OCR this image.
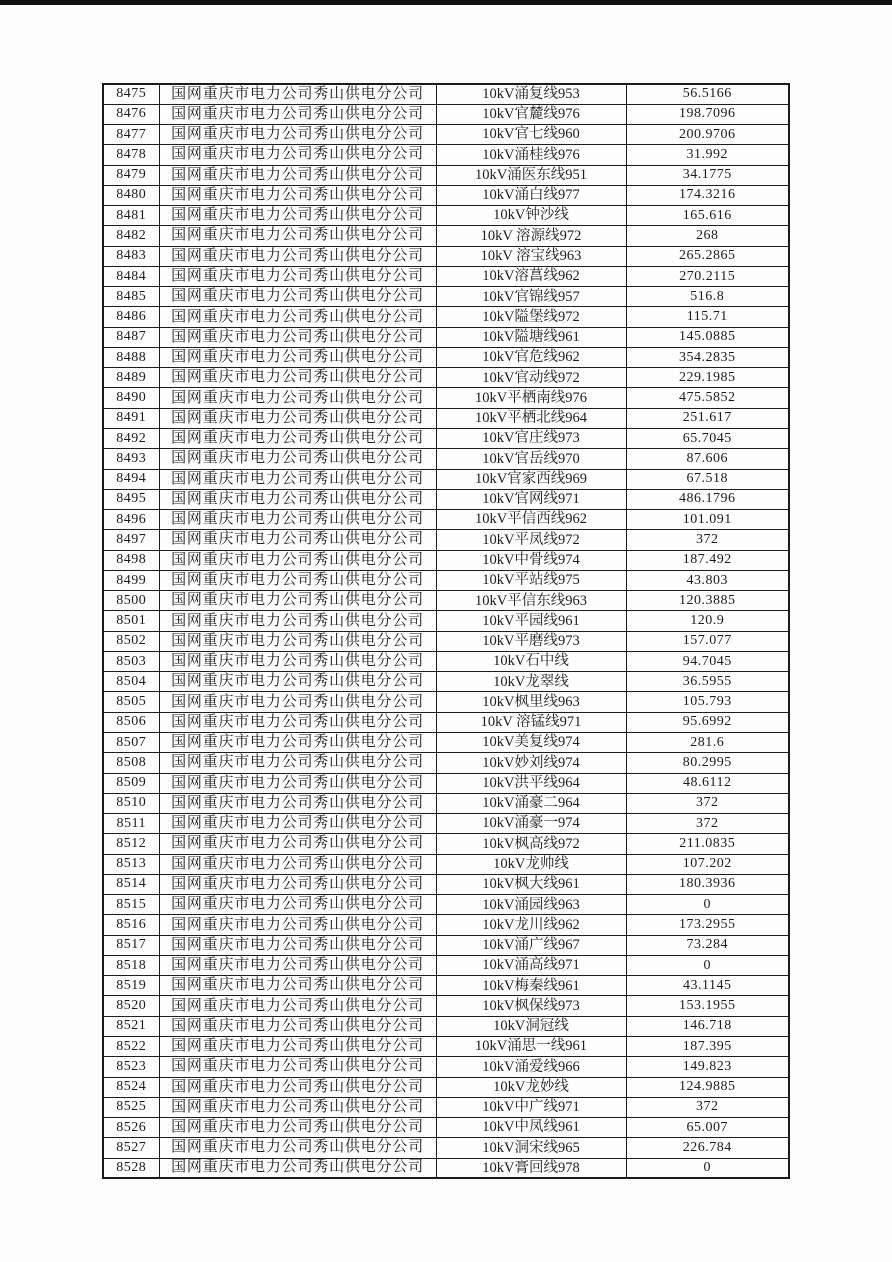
8475	国网重庆市电力公司秀山供电分公司	10kV涌复线953	56.5166
8476	国网重庆市电力公司秀山供电分公司	10kV官麓线976	198.7096
8477	国网重庆市电力公司秀山供电分公司	10kV官七线960	200.9706
8478	国网重庆市电力公司秀山供电分公司	10kV涌桂线976	31.992
8479	国网重庆市电力公司秀山供电分公司	10kV涌医东线951	34.1775
8480	国网重庆市电力公司秀山供电分公司	10kV涌白线977	174.3216
8481	国网重庆市电力公司秀山供电分公司	10kV钟沙线	165.616
8482	国网重庆市电力公司秀山供电分公司	10kV 溶源线972	268
8483	国网重庆市电力公司秀山供电分公司	10kV 溶宝线963	265.2865
8484	国网重庆市电力公司秀山供电分公司	10kV溶菖线962	270.2115
8485	国网重庆市电力公司秀山供电分公司	10kV官锦线957	516.8
8486	国网重庆市电力公司秀山供电分公司	10kV隘堡线972	115.71
8487	国网重庆市电力公司秀山供电分公司	10kV隘塘线961	145.0885
8488	国网重庆市电力公司秀山供电分公司	10kV官危线962	354.2835
8489	国网重庆市电力公司秀山供电分公司	10kV官动线972	229.1985
8490	国网重庆市电力公司秀山供电分公司	10kV平栖南线976	475.5852
8491	国网重庆市电力公司秀山供电分公司	10kV平栖北线964	251.617
8492	国网重庆市电力公司秀山供电分公司	10kV官庄线973	65.7045
8493	国网重庆市电力公司秀山供电分公司	10kV官岳线970	87.606
8494	国网重庆市电力公司秀山供电分公司	10kV官家西线969	67.518
8495	国网重庆市电力公司秀山供电分公司	10kV官网线971	486.1796
8496	国网重庆市电力公司秀山供电分公司	10kV平信西线962	101.091
8497	国网重庆市电力公司秀山供电分公司	10kV平凤线972	372
8498	国网重庆市电力公司秀山供电分公司	10kV中骨线974	187.492
8499	国网重庆市电力公司秀山供电分公司	10kV平站线975	43.803
8500	国网重庆市电力公司秀山供电分公司	10kV平信东线963	120.3885
8501	国网重庆市电力公司秀山供电分公司	10kV平园线961	120.9
8502	国网重庆市电力公司秀山供电分公司	10kV平磨线973	157.077
8503	国网重庆市电力公司秀山供电分公司	10kV石中线	94.7045
8504	国网重庆市电力公司秀山供电分公司	10kV龙翠线	36.5955
8505	国网重庆市电力公司秀山供电分公司	10kV枫里线963	105.793
8506	国网重庆市电力公司秀山供电分公司	10kV 溶锰线971	95.6992
8507	国网重庆市电力公司秀山供电分公司	10kV美复线974	281.6
8508	国网重庆市电力公司秀山供电分公司	10kV妙刘线974	80.2995
8509	国网重庆市电力公司秀山供电分公司	10kV洪平线964	48.6112
8510	国网重庆市电力公司秀山供电分公司	10kV涌豪二964	372
8511	国网重庆市电力公司秀山供电分公司	10kV涌豪一974	372
8512	国网重庆市电力公司秀山供电分公司	10kV枫高线972	211.0835
8513	国网重庆市电力公司秀山供电分公司	10kV龙帅线	107.202
8514	国网重庆市电力公司秀山供电分公司	10kV枫大线961	180.3936
8515	国网重庆市电力公司秀山供电分公司	10kV涌园线963	0
8516	国网重庆市电力公司秀山供电分公司	10kV龙川线962	173.2955
8517	国网重庆市电力公司秀山供电分公司	10kV涌广线967	73.284
8518	国网重庆市电力公司秀山供电分公司	10kV涌高线971	0
8519	国网重庆市电力公司秀山供电分公司	10kV梅秦线961	43.1145
8520	国网重庆市电力公司秀山供电分公司	10kV枫保线973	153.1955
8521	国网重庆市电力公司秀山供电分公司	10kV洞冠线	146.718
8522	国网重庆市电力公司秀山供电分公司	10kV涌思一线961	187.395
8523	国网重庆市电力公司秀山供电分公司	10kV涌爱线966	149.823
8524	国网重庆市电力公司秀山供电分公司	10kV龙妙线	124.9885
8525	国网重庆市电力公司秀山供电分公司	10kV中广线971	372
8526	国网重庆市电力公司秀山供电分公司	10kV中凤线961	65.007
8527	国网重庆市电力公司秀山供电分公司	10kV洞宋线965	226.784
8528	国网重庆市电力公司秀山供电分公司	10kV膏回线978	0
